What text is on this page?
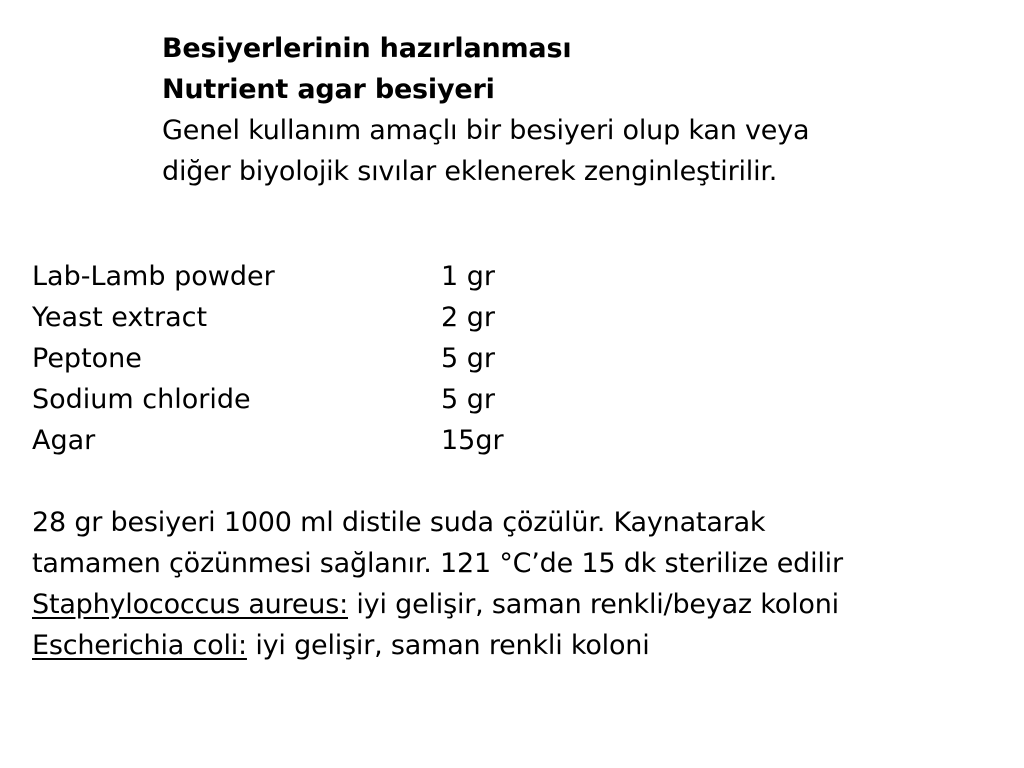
Besiyerlerinin hazırlanması
Nutrient agar besiyeri
Genel kullanım amaçlı bir besiyeri olup kan veya
diğer biyolojik sıvılar eklenerek zenginleştirilir.
Lab-Lamb powder	1 gr
Yeast extract	2 gr
Peptone	5 gr
Sodium chloride	5 gr
Agar	15gr
28 gr besiyeri 1000 ml distile suda çözülür. Kaynatarak
tamamen çözünmesi sağlanır. 121 °C’de 15 dk sterilize edilir
Staphylococcus aureus: iyi gelişir, saman renkli/beyaz koloni
Escherichia coli: iyi gelişir, saman renkli koloni
